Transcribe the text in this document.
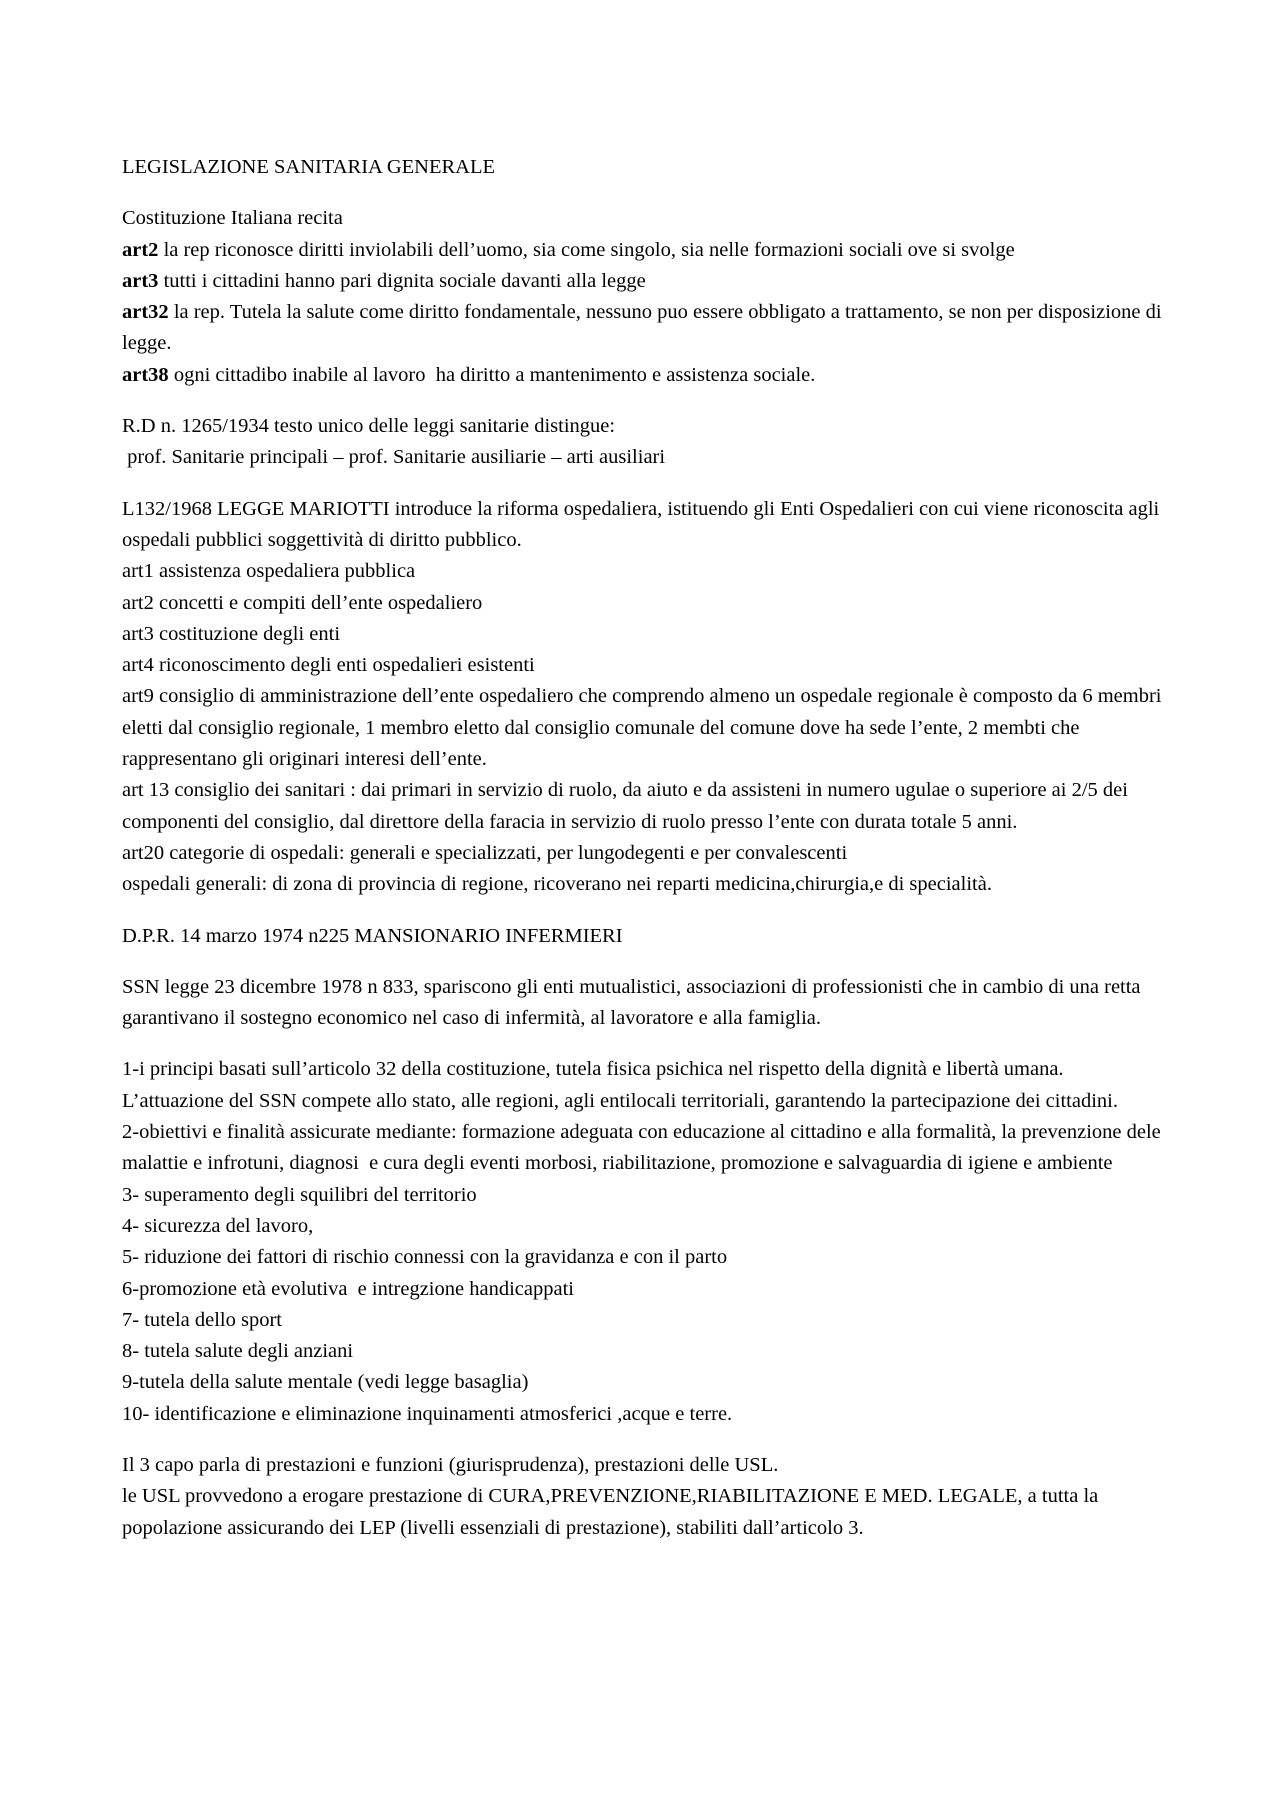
LEGISLAZIONE SANITARIA GENERALE
Costituzione Italiana recita
art2 la rep riconosce diritti inviolabili dell’uomo, sia come singolo, sia nelle formazioni sociali ove si svolge
art3 tutti i cittadini hanno pari dignita sociale davanti alla legge
art32 la rep. Tutela la salute come diritto fondamentale, nessuno puo essere obbligato a trattamento, se non per disposizione di legge.
art38 ogni cittadibo inabile al lavoro  ha diritto a mantenimento e assistenza sociale.
R.D n. 1265/1934 testo unico delle leggi sanitarie distingue:
prof. Sanitarie principali – prof. Sanitarie ausiliarie – arti ausiliari
L132/1968 LEGGE MARIOTTI introduce la riforma ospedaliera, istituendo gli Enti Ospedalieri con cui viene riconoscita agli ospedali pubblici soggettività di diritto pubblico.
art1 assistenza ospedaliera pubblica
art2 concetti e compiti dell’ente ospedaliero
art3 costituzione degli enti
art4 riconoscimento degli enti ospedalieri esistenti
art9 consiglio di amministrazione dell’ente ospedaliero che comprendo almeno un ospedale regionale è composto da 6 membri eletti dal consiglio regionale, 1 membro eletto dal consiglio comunale del comune dove ha sede l’ente, 2 membti che rappresentano gli originari interesi dell’ente.
art 13 consiglio dei sanitari : dai primari in servizio di ruolo, da aiuto e da assisteni in numero ugulae o superiore ai 2/5 dei componenti del consiglio, dal direttore della faracia in servizio di ruolo presso l’ente con durata totale 5 anni.
art20 categorie di ospedali: generali e specializzati, per lungodegenti e per convalescenti
ospedali generali: di zona di provincia di regione, ricoverano nei reparti medicina,chirurgia,e di specialità.
D.P.R. 14 marzo 1974 n225 MANSIONARIO INFERMIERI
SSN legge 23 dicembre 1978 n 833, spariscono gli enti mutualistici, associazioni di professionisti che in cambio di una retta garantivano il sostegno economico nel caso di infermità, al lavoratore e alla famiglia.
1-i principi basati sull’articolo 32 della costituzione, tutela fisica psichica nel rispetto della dignità e libertà umana. L’attuazione del SSN compete allo stato, alle regioni, agli entilocali territoriali, garantendo la partecipazione dei cittadini.
2-obiettivi e finalità assicurate mediante: formazione adeguata con educazione al cittadino e alla formalità, la prevenzione dele malattie e infrotuni, diagnosi  e cura degli eventi morbosi, riabilitazione, promozione e salvaguardia di igiene e ambiente
3- superamento degli squilibri del territorio
4- sicurezza del lavoro,
5- riduzione dei fattori di rischio connessi con la gravidanza e con il parto
6-promozione età evolutiva  e intregzione handicappati
7- tutela dello sport
8- tutela salute degli anziani
9-tutela della salute mentale (vedi legge basaglia)
10- identificazione e eliminazione inquinamenti atmosferici ,acque e terre.
Il 3 capo parla di prestazioni e funzioni (giurisprudenza), prestazioni delle USL.
le USL provvedono a erogare prestazione di CURA,PREVENZIONE,RIABILITAZIONE E MED. LEGALE, a tutta la popolazione assicurando dei LEP (livelli essenziali di prestazione), stabiliti dall’articolo 3.
